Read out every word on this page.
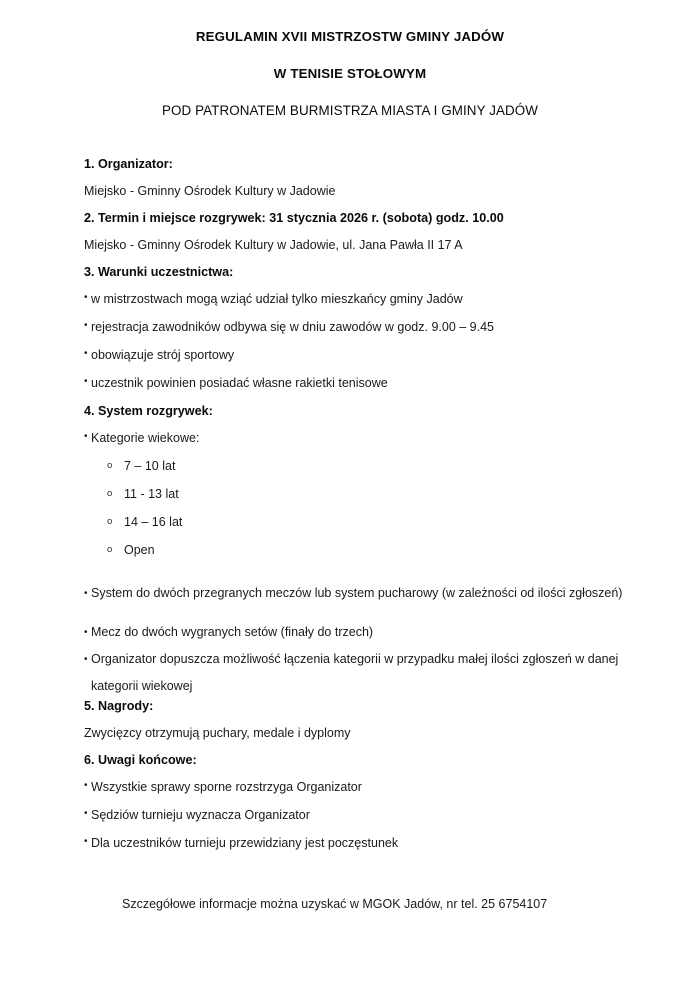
REGULAMIN XVII MISTRZOSTW GMINY JADÓW
W TENISIE STOŁOWYM
POD PATRONATEM BURMISTRZA MIASTA I GMINY JADÓW
1. Organizator:
Miejsko - Gminny Ośrodek Kultury w Jadowie
2. Termin i miejsce rozgrywek: 31 stycznia 2026 r. (sobota) godz. 10.00
Miejsko - Gminny Ośrodek Kultury w Jadowie, ul. Jana Pawła II 17 A
3. Warunki uczestnictwa:
• w mistrzostwach mogą wziąć udział tylko mieszkańcy gminy Jadów
• rejestracja zawodników odbywa się w dniu zawodów w godz. 9.00 – 9.45
• obowiązuje strój sportowy
• uczestnik powinien posiadać własne rakietki tenisowe
4. System rozgrywek:
• Kategorie wiekowe:
o 7 – 10 lat
o 11 - 13 lat
o 14 – 16 lat
o Open
• System do dwóch przegranych meczów lub system pucharowy (w zależności od ilości zgłoszeń)
• Mecz do dwóch wygranych setów (finały do trzech)
• Organizator dopuszcza możliwość łączenia kategorii w przypadku małej ilości zgłoszeń w danej kategorii wiekowej
5. Nagrody:
Zwycięzcy otrzymują puchary, medale i dyplomy
6. Uwagi końcowe:
• Wszystkie sprawy sporne rozstrzyga Organizator
• Sędziów turnieju wyznacza Organizator
• Dla uczestników turnieju przewidziany jest poczęstunek
Szczegółowe informacje można uzyskać w MGOK Jadów, nr tel. 25 6754107
